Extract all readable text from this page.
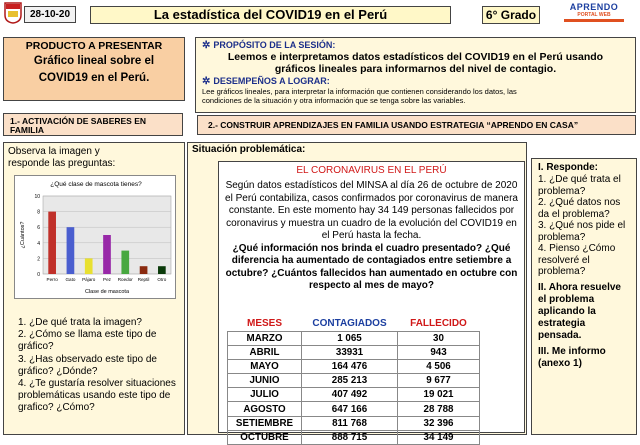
28-10-20	La estadística del COVID19 en el Perú	6° Grado
APRENDO
PORTAL WEB
PRODUCTO A PRESENTAR
Gráfico lineal sobre el
COVID19 en el Perú.
✲ PROPÓSITO DE LA SESIÓN:
Leemos e interpretamos datos estadísticos del COVID19 en el Perú usando
gráficos lineales para informarnos del nivel de contagio.
✲ DESEMPEÑOS A LOGRAR:
Lee gráficos lineales, para interpretar la información que contienen considerando los datos, las
condiciones de la situación y otra información que se tenga sobre las variables.
1.- ACTIVACIÓN DE SABERES EN FAMILIA	2.- CONSTRUIR APRENDIZAJES EN FAMILIA USANDO ESTRATEGIA “APRENDO EN CASA”
Observa la imagen y
responde las preguntas:
¿Qué clase de mascota tienes?
0
2
4
6
8
10
¿Cuántos?
Perro Gato Pájaro Pez Roedor Reptil Otro
Clase de mascota
1. ¿De qué trata la imagen?
2. ¿Cómo se llama este tipo de gráfico?
3. ¿Has observado este tipo de gráfico? ¿Dónde?
4. ¿Te gustaría resolver situaciones problemáticas usando este tipo de grafico? ¿Cómo?
Situación problemática:
EL CORONAVIRUS EN EL PERÚ
Según datos estadísticos del MINSA al día 26 de octubre de 2020 el Perú contabiliza, casos confirmados por coronavirus de manera constante. En este momento hay 34 149 personas fallecidos por coronavirus y muestra un cuadro de la evolución del COVID19 en el Perú hasta la fecha.
¿Qué información nos brinda el cuadro presentado? ¿Qué diferencia ha aumentado de contagiados entre setiembre a octubre? ¿Cuántos fallecidos han aumentado en octubre con respecto al mes de mayo?
MESES	CONTAGIADOS	FALLECIDO
MARZO	1 065	30
ABRIL	33931	943
MAYO	164 476	4 506
JUNIO	285 213	9 677
JULIO	407 492	19 021
AGOSTO	647 166	28 788
SETIEMBRE	811 768	32 396
OCTUBRE	888 715	34 149
I. Responde:
1. ¿De qué trata el problema?
2. ¿Qué datos nos da el problema?
3. ¿Qué nos pide el problema?
4. Pienso ¿Cómo resolveré el problema?
II. Ahora resuelve el problema aplicando la estrategia pensada.
III. Me informo (anexo 1)
